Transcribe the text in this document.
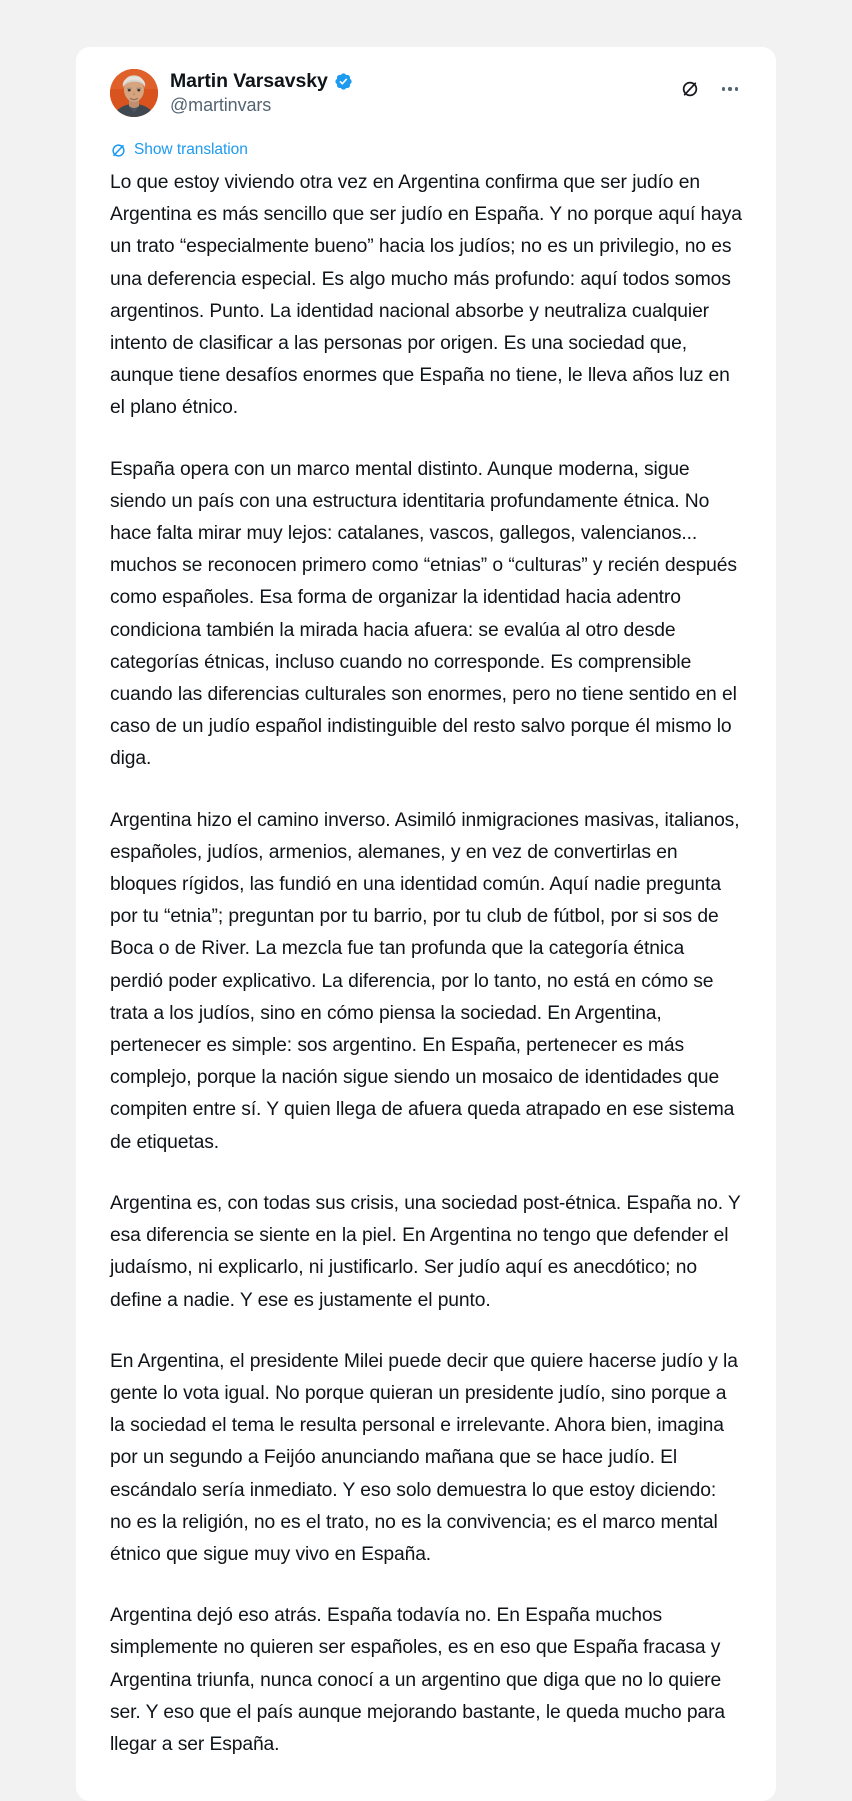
Martin Varsavsky
@martinvars
Show translation

Lo que estoy viviendo otra vez en Argentina confirma que ser judío en Argentina es más sencillo que ser judío en España. Y no porque aquí haya un trato “especialmente bueno” hacia los judíos; no es un privilegio, no es una deferencia especial. Es algo mucho más profundo: aquí todos somos argentinos. Punto. La identidad nacional absorbe y neutraliza cualquier intento de clasificar a las personas por origen. Es una sociedad que, aunque tiene desafíos enormes que España no tiene, le lleva años luz en el plano étnico.

España opera con un marco mental distinto. Aunque moderna, sigue siendo un país con una estructura identitaria profundamente étnica. No hace falta mirar muy lejos: catalanes, vascos, gallegos, valencianos... muchos se reconocen primero como “etnias” o “culturas” y recién después como españoles. Esa forma de organizar la identidad hacia adentro condiciona también la mirada hacia afuera: se evalúa al otro desde categorías étnicas, incluso cuando no corresponde. Es comprensible cuando las diferencias culturales son enormes, pero no tiene sentido en el caso de un judío español indistinguible del resto salvo porque él mismo lo diga.

Argentina hizo el camino inverso. Asimiló inmigraciones masivas, italianos, españoles, judíos, armenios, alemanes, y en vez de convertirlas en bloques rígidos, las fundió en una identidad común. Aquí nadie pregunta por tu “etnia”; preguntan por tu barrio, por tu club de fútbol, por si sos de Boca o de River. La mezcla fue tan profunda que la categoría étnica perdió poder explicativo. La diferencia, por lo tanto, no está en cómo se trata a los judíos, sino en cómo piensa la sociedad. En Argentina, pertenecer es simple: sos argentino. En España, pertenecer es más complejo, porque la nación sigue siendo un mosaico de identidades que compiten entre sí. Y quien llega de afuera queda atrapado en ese sistema de etiquetas.

Argentina es, con todas sus crisis, una sociedad post-étnica. España no. Y esa diferencia se siente en la piel. En Argentina no tengo que defender el judaísmo, ni explicarlo, ni justificarlo. Ser judío aquí es anecdótico; no define a nadie. Y ese es justamente el punto.

En Argentina, el presidente Milei puede decir que quiere hacerse judío y la gente lo vota igual. No porque quieran un presidente judío, sino porque a la sociedad el tema le resulta personal e irrelevante. Ahora bien, imagina por un segundo a Feijóo anunciando mañana que se hace judío. El escándalo sería inmediato. Y eso solo demuestra lo que estoy diciendo: no es la religión, no es el trato, no es la convivencia; es el marco mental étnico que sigue muy vivo en España.

Argentina dejó eso atrás. España todavía no. En España muchos simplemente no quieren ser españoles, es en eso que España fracasa y Argentina triunfa, nunca conocí a un argentino que diga que no lo quiere ser. Y eso que el país aunque mejorando bastante, le queda mucho para llegar a ser España.
